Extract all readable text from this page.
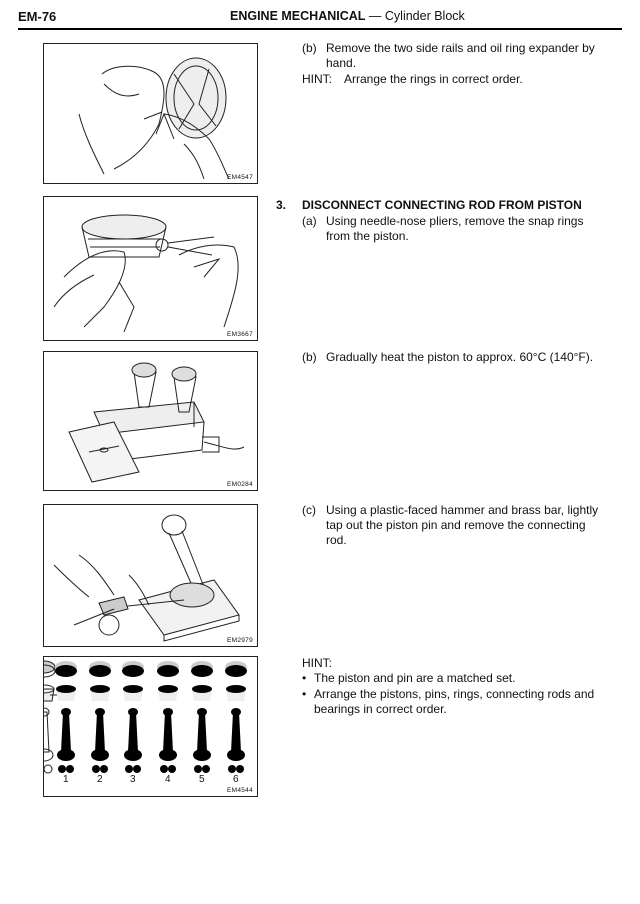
EM-76	ENGINE MECHANICAL — Cylinder Block
EM4547
EM3667
EM0284
EM2979
1	2	3	4	5	6
EM4544
(b) Remove the two side rails and oil ring expander by hand.
HINT: Arrange the rings in correct order.
3. DISCONNECT CONNECTING ROD FROM PISTON
(a) Using needle-nose pliers, remove the snap rings from the piston.
(b) Gradually heat the piston to approx. 60°C (140°F).
(c) Using a plastic-faced hammer and brass bar, lightly tap out the piston pin and remove the connecting rod.
HINT:
• The piston and pin are a matched set.
• Arrange the pistons, pins, rings, connecting rods and bearings in correct order.
